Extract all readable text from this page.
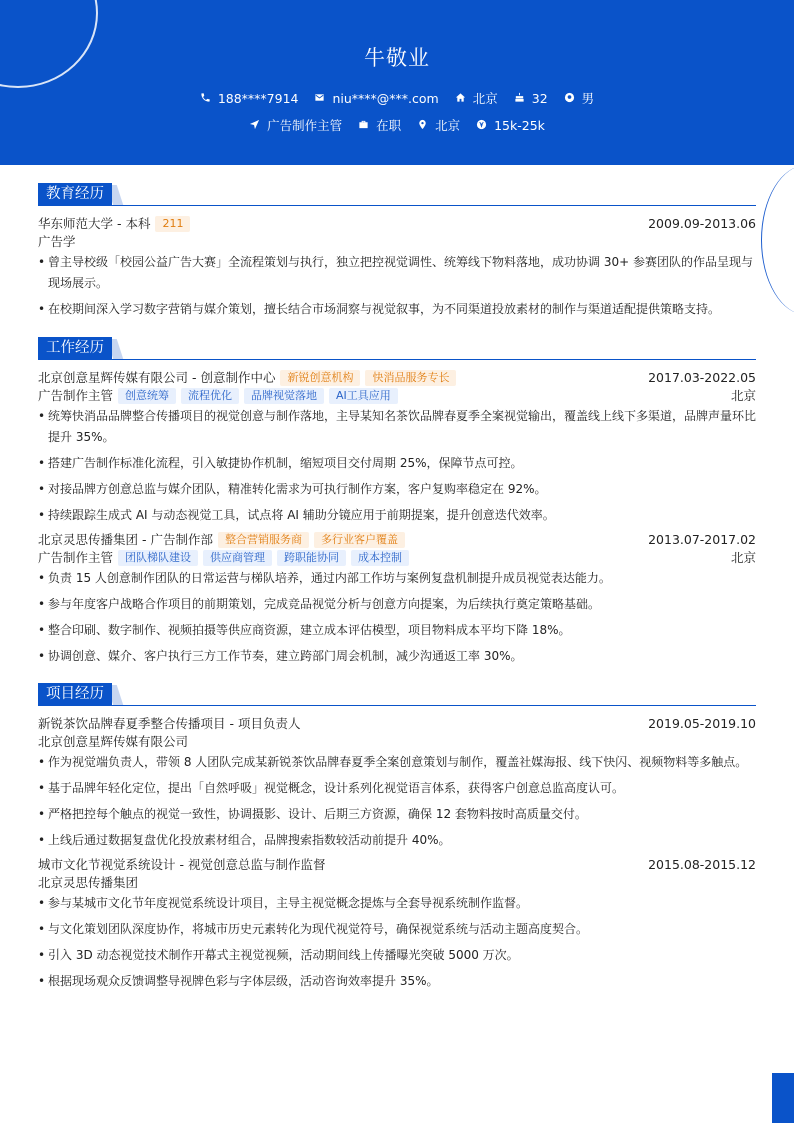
牛敬业
188****7914	niu****@***.com	北京	32	男
广告制作主管	在职	北京	15k-25k
教育经历
华东师范大学 - 本科	211	2009.09-2013.06
广告学
• 曾主导校级「校园公益广告大赛」全流程策划与执行，独立把控视觉调性、统筹线下物料落地，成功协调 30+ 参赛团队的作品呈现与现场展示。
• 在校期间深入学习数字营销与媒介策划，擅长结合市场洞察与视觉叙事，为不同渠道投放素材的制作与渠道适配提供策略支持。
工作经历
北京创意星辉传媒有限公司 - 创意制作中心	新锐创意机构	快消品服务专长	2017.03-2022.05
广告制作主管	创意统筹	流程优化	品牌视觉落地	AI工具应用	北京
• 统筹快消品品牌整合传播项目的视觉创意与制作落地，主导某知名茶饮品牌春夏季全案视觉输出，覆盖线上线下多渠道，品牌声量环比提升 35%。
• 搭建广告制作标准化流程，引入敏捷协作机制，缩短项目交付周期 25%，保障节点可控。
• 对接品牌方创意总监与媒介团队，精准转化需求为可执行制作方案，客户复购率稳定在 92%。
• 持续跟踪生成式 AI 与动态视觉工具，试点将 AI 辅助分镜应用于前期提案，提升创意迭代效率。
北京灵思传播集团 - 广告制作部	整合营销服务商	多行业客户覆盖	2013.07-2017.02
广告制作主管	团队梯队建设	供应商管理	跨职能协同	成本控制	北京
• 负责 15 人创意制作团队的日常运营与梯队培养，通过内部工作坊与案例复盘机制提升成员视觉表达能力。
• 参与年度客户战略合作项目的前期策划，完成竞品视觉分析与创意方向提案，为后续执行奠定策略基础。
• 整合印刷、数字制作、视频拍摄等供应商资源，建立成本评估模型，项目物料成本平均下降 18%。
• 协调创意、媒介、客户执行三方工作节奏，建立跨部门周会机制，减少沟通返工率 30%。
项目经历
新锐茶饮品牌春夏季整合传播项目 - 项目负责人	2019.05-2019.10
北京创意星辉传媒有限公司
• 作为视觉端负责人，带领 8 人团队完成某新锐茶饮品牌春夏季全案创意策划与制作，覆盖社媒海报、线下快闪、视频物料等多触点。
• 基于品牌年轻化定位，提出「自然呼吸」视觉概念，设计系列化视觉语言体系，获得客户创意总监高度认可。
• 严格把控每个触点的视觉一致性，协调摄影、设计、后期三方资源，确保 12 套物料按时高质量交付。
• 上线后通过数据复盘优化投放素材组合，品牌搜索指数较活动前提升 40%。
城市文化节视觉系统设计 - 视觉创意总监与制作监督	2015.08-2015.12
北京灵思传播集团
• 参与某城市文化节年度视觉系统设计项目，主导主视觉概念提炼与全套导视系统制作监督。
• 与文化策划团队深度协作，将城市历史元素转化为现代视觉符号，确保视觉系统与活动主题高度契合。
• 引入 3D 动态视觉技术制作开幕式主视觉视频，活动期间线上传播曝光突破 5000 万次。
• 根据现场观众反馈调整导视牌色彩与字体层级，活动咨询效率提升 35%。
